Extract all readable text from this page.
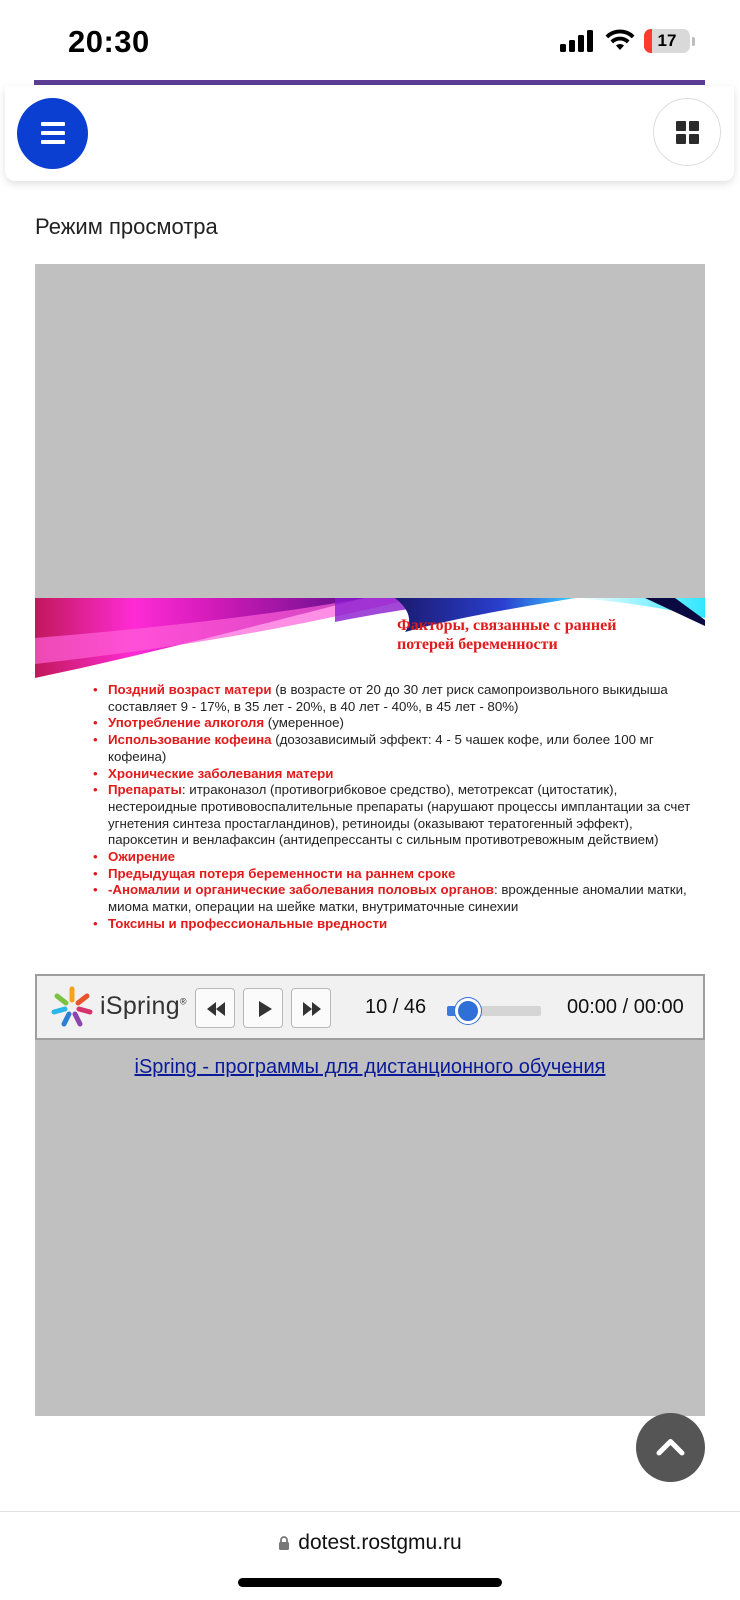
20:30	17
Режим просмотра
Факторы, связанные с ранней
потерей беременности
• Поздний возраст матери (в возрасте от 20 до 30 лет риск самопроизвольного выкидыша составляет 9 - 17%, в 35 лет - 20%, в 40 лет - 40%, в 45 лет - 80%)
• Употребление алкоголя (умеренное)
• Использование кофеина (дозозависимый эффект: 4 - 5 чашек кофе, или более 100 мг кофеина)
• Хронические заболевания матери
• Препараты: итраконазол (противогрибковое средство), метотрексат (цитостатик), нестероидные противовоспалительные препараты (нарушают процессы имплантации за счет угнетения синтеза простагландинов), ретиноиды (оказывают тератогенный эффект), пароксетин и венлафаксин (антидепрессанты с сильным противотревожным действием)
• Ожирение
• Предыдущая потеря беременности на раннем сроке
• -Аномалии и органические заболевания половых органов: врожденные аномалии матки, миома матки, операции на шейке матки, внутриматочные синехии
• Токсины и профессиональные вредности
iSpring®	10 / 46	00:00 / 00:00
iSpring - программы для дистанционного обучения
dotest.rostgmu.ru
